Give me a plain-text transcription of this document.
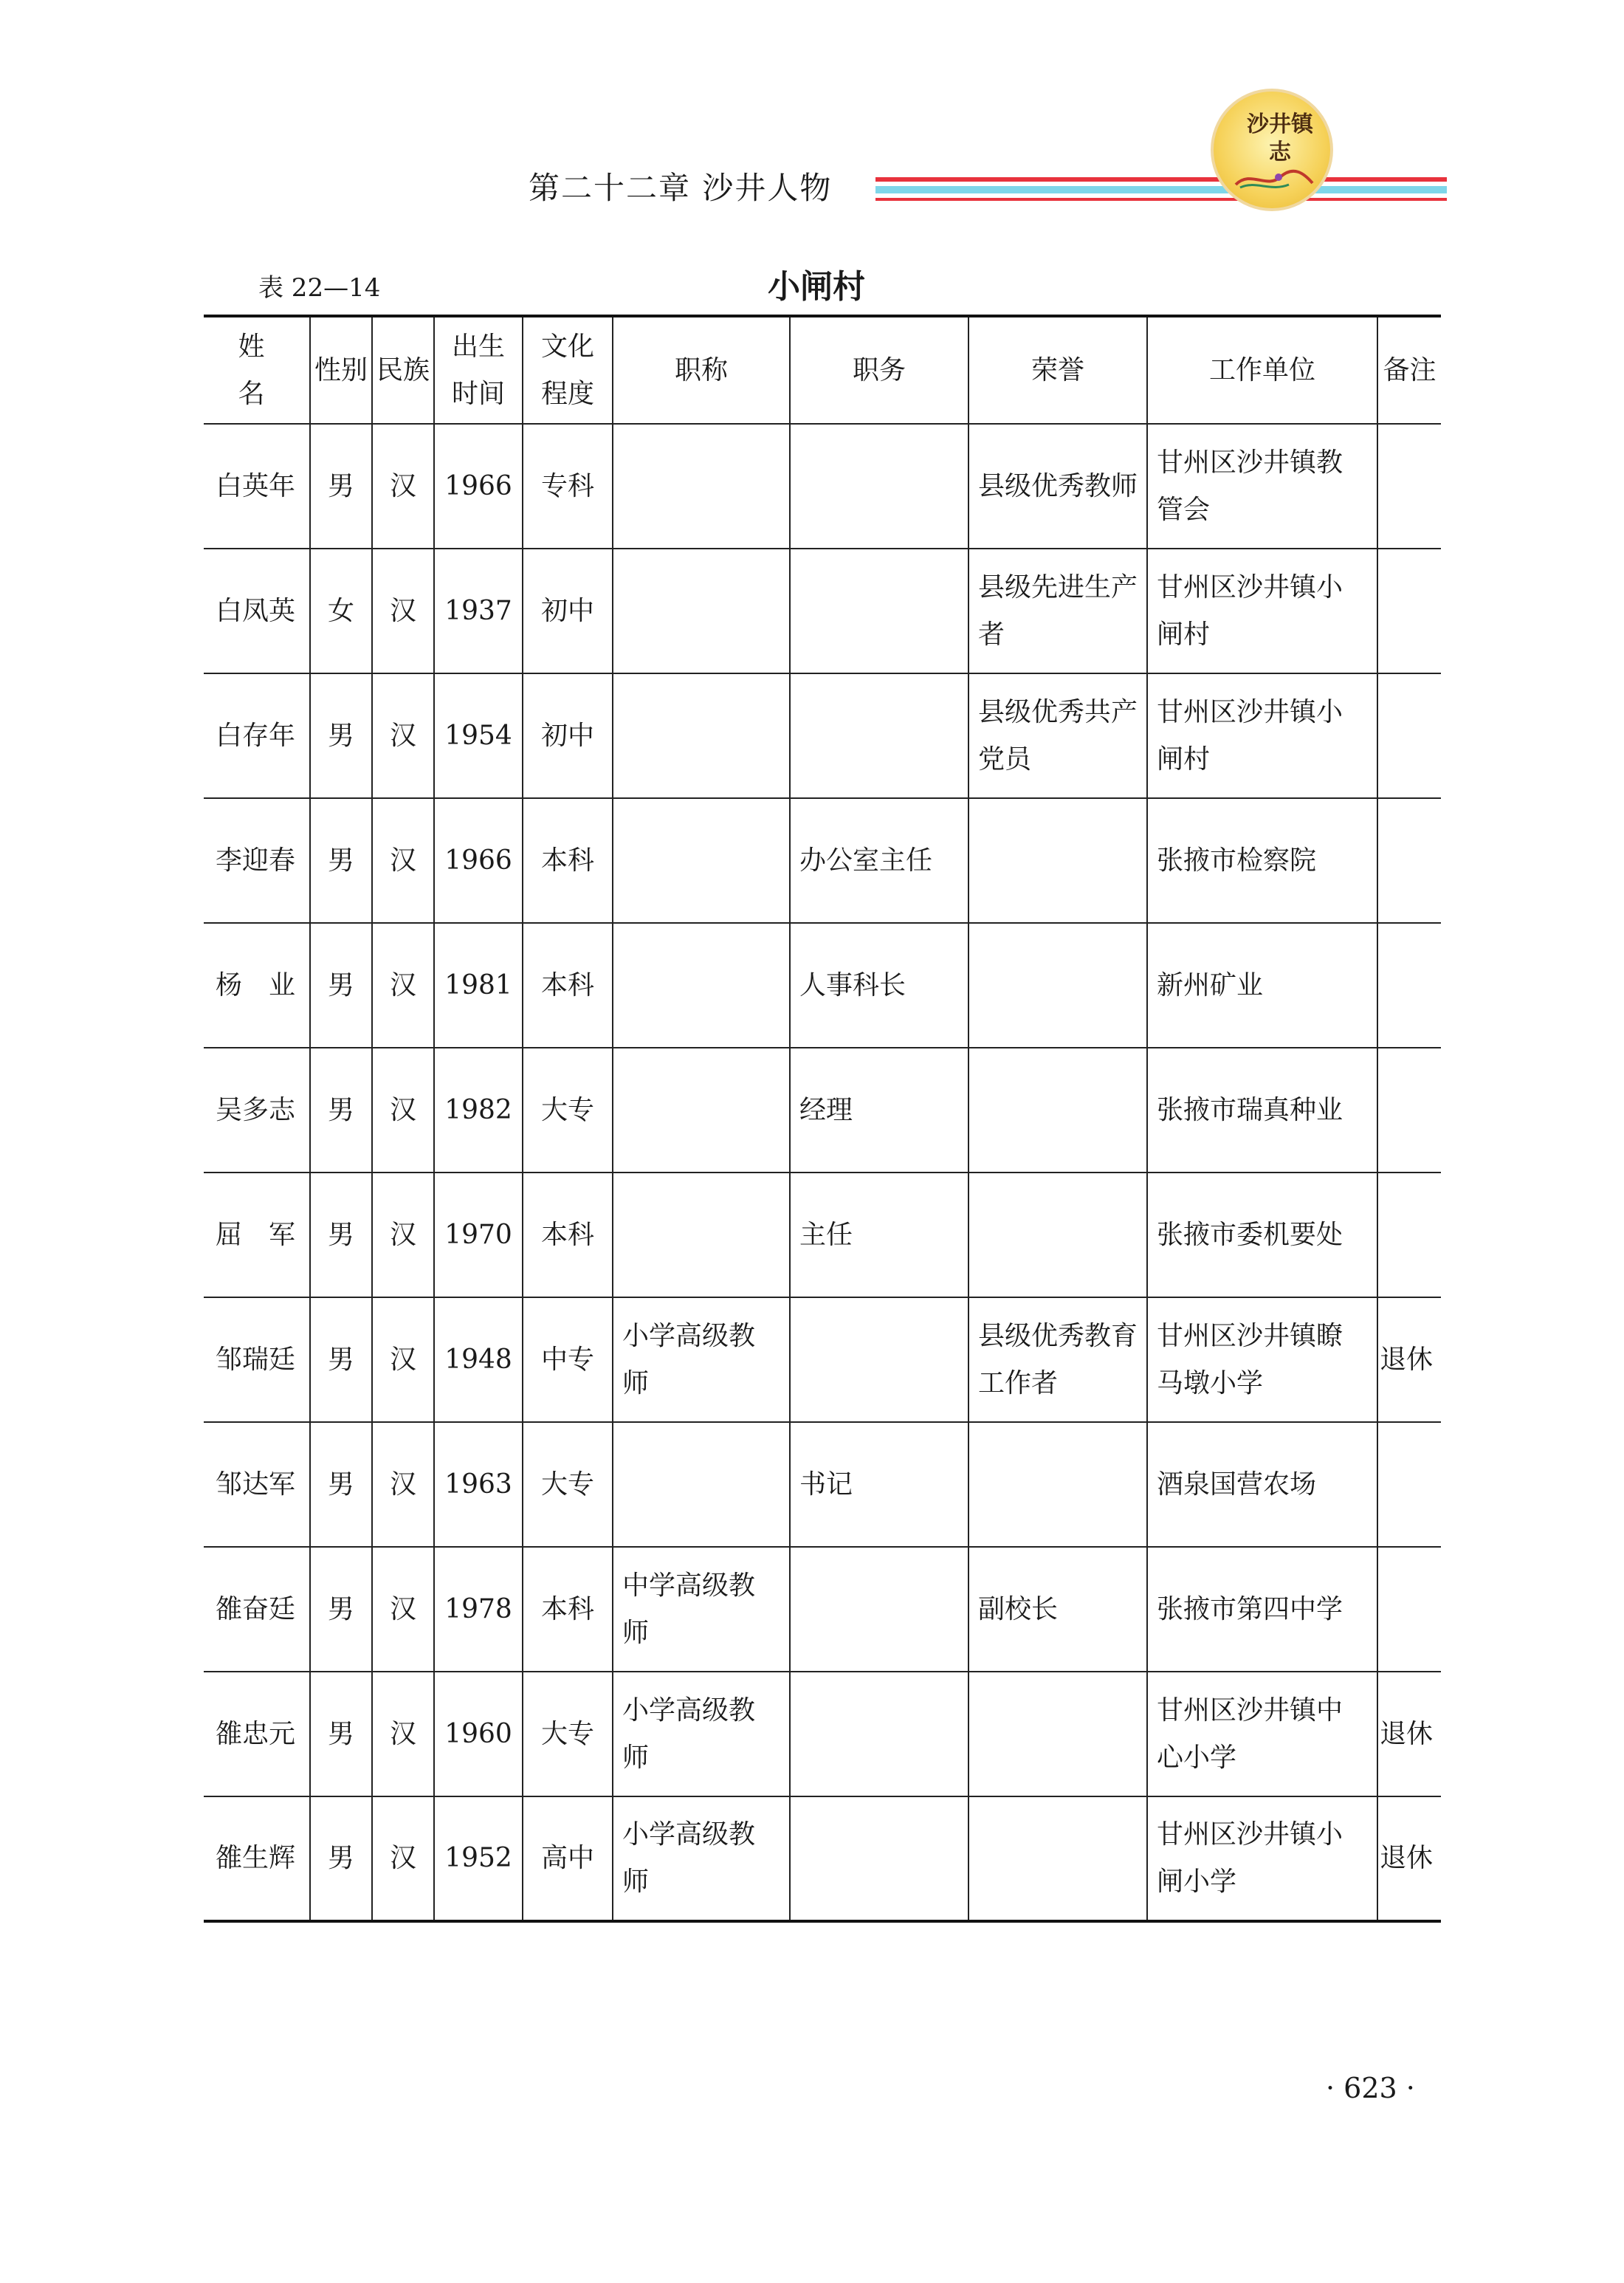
第二十二章 沙井人物
沙井镇志
表 22—14	小闸村
姓　名	性别	民族	出生时间	文化程度	职称	职务	荣誉	工作单位	备注
白英年	男	汉	1966	专科			县级优秀教师	甘州区沙井镇教管会	
白凤英	女	汉	1937	初中			县级先进生产者	甘州区沙井镇小闸村	
白存年	男	汉	1954	初中			县级优秀共产党员	甘州区沙井镇小闸村	
李迎春	男	汉	1966	本科		办公室主任		张掖市检察院	
杨　业	男	汉	1981	本科		人事科长		新州矿业	
吴多志	男	汉	1982	大专		经理		张掖市瑞真种业	
屈　军	男	汉	1970	本科		主任		张掖市委机要处	
邹瑞廷	男	汉	1948	中专	小学高级教师		县级优秀教育工作者	甘州区沙井镇瞭马墩小学	退休
邹达军	男	汉	1963	大专		书记		酒泉国营农场	
雒奋廷	男	汉	1978	本科	中学高级教师		副校长	张掖市第四中学	
雒忠元	男	汉	1960	大专	小学高级教师			甘州区沙井镇中心小学	退休
雒生辉	男	汉	1952	高中	小学高级教师			甘州区沙井镇小闸小学	退休
· 623 ·
